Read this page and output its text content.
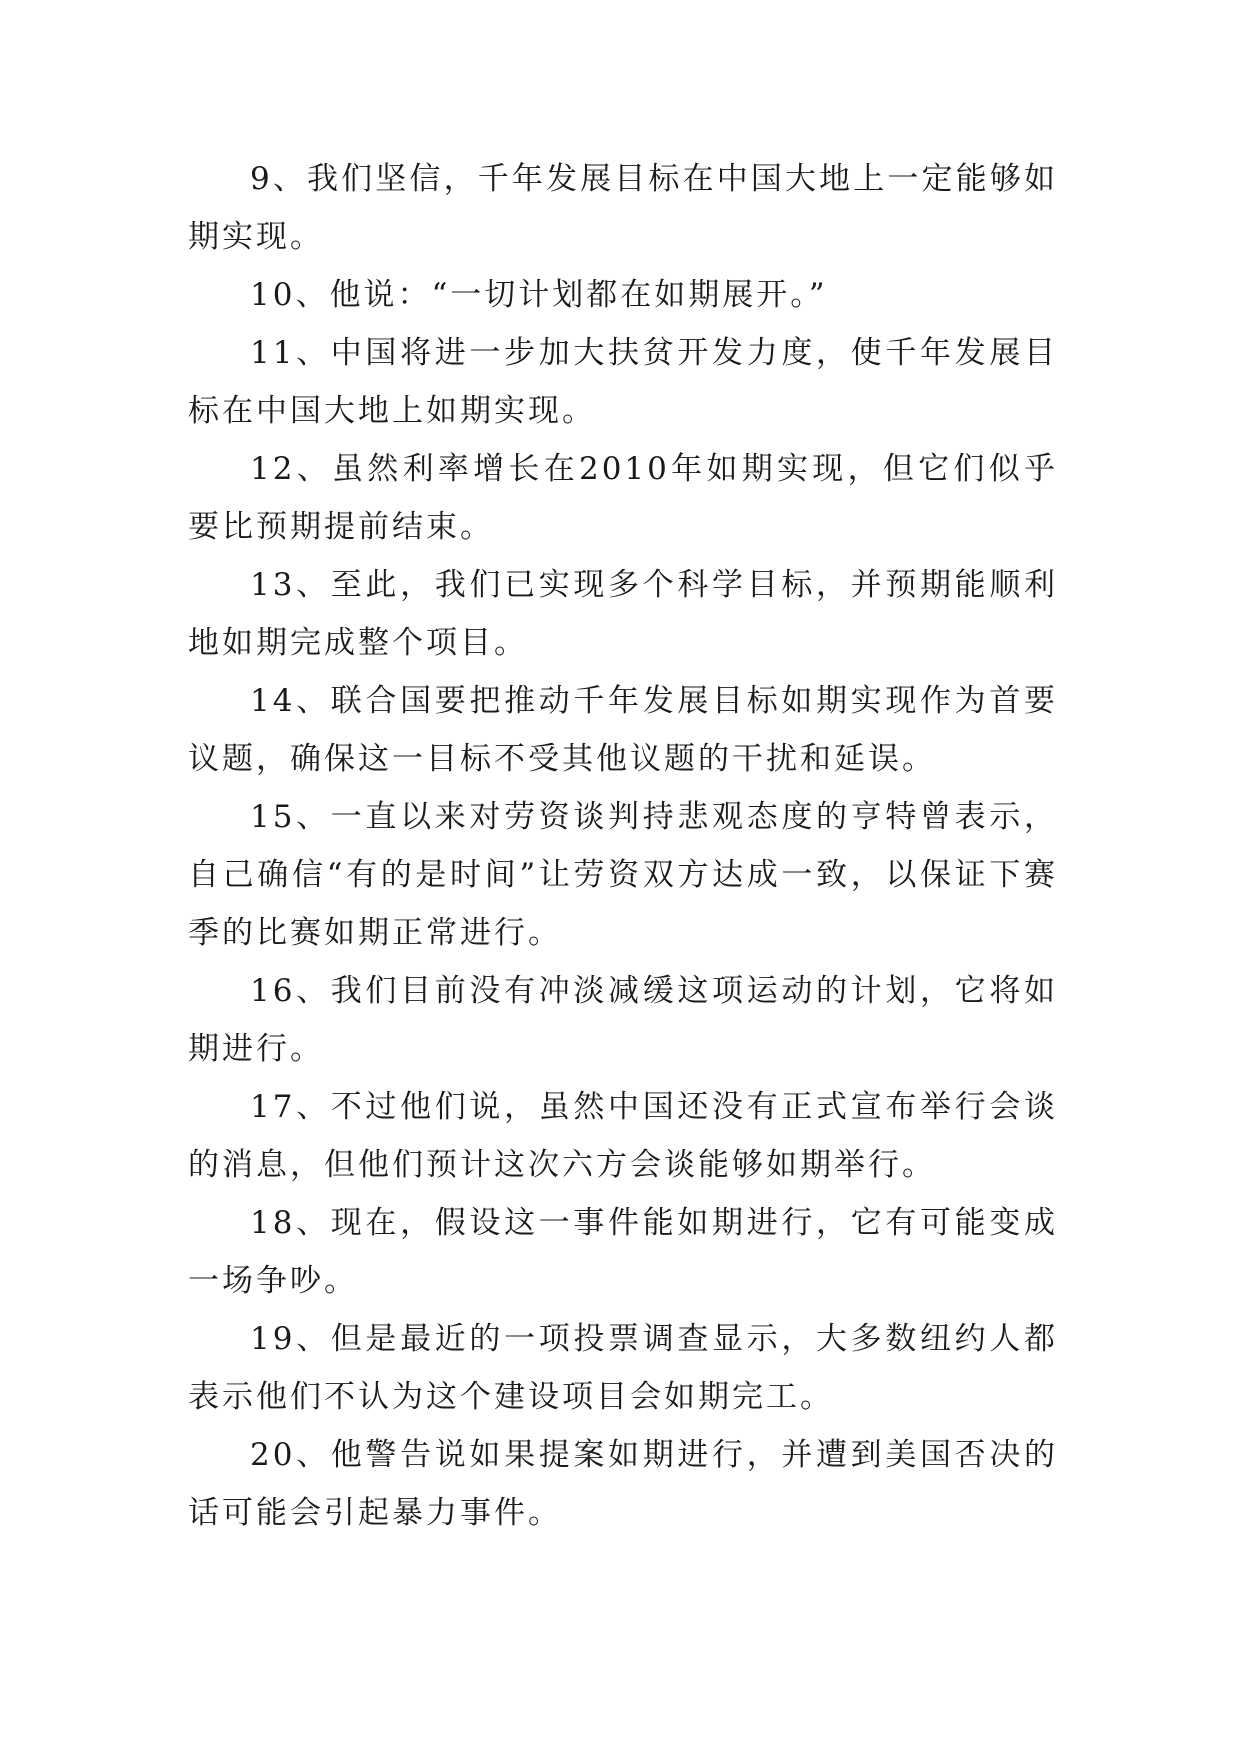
9、我们坚信，千年发展目标在中国大地上一定能够如期实现。

10、他说：“一切计划都在如期展开。”

11、中国将进一步加大扶贫开发力度，使千年发展目标在中国大地上如期实现。

12、虽然利率增长在2010年如期实现，但它们似乎要比预期提前结束。

13、至此，我们已实现多个科学目标，并预期能顺利地如期完成整个项目。

14、联合国要把推动千年发展目标如期实现作为首要议题，确保这一目标不受其他议题的干扰和延误。

15、一直以来对劳资谈判持悲观态度的亨特曾表示，自己确信“有的是时间”让劳资双方达成一致，以保证下赛季的比赛如期正常进行。

16、我们目前没有冲淡减缓这项运动的计划，它将如期进行。

17、不过他们说，虽然中国还没有正式宣布举行会谈的消息，但他们预计这次六方会谈能够如期举行。

18、现在，假设这一事件能如期进行，它有可能变成一场争吵。

19、但是最近的一项投票调查显示，大多数纽约人都表示他们不认为这个建设项目会如期完工。

20、他警告说如果提案如期进行，并遭到美国否决的话可能会引起暴力事件。
